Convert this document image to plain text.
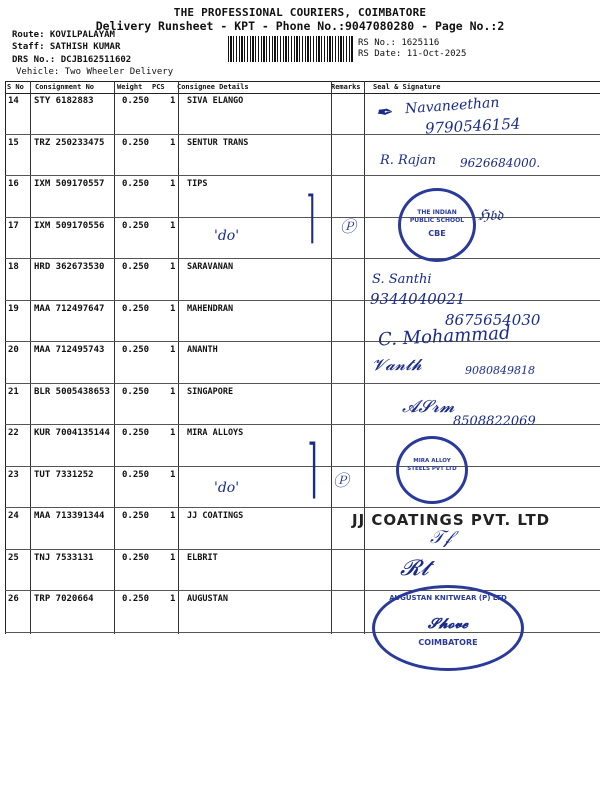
THE PROFESSIONAL COURIERS, COIMBATORE
Delivery Runsheet - KPT - Phone No.:9047080280 - Page No.:2
Route: KOVILPALAYAM
Staff: SATHISH KUMAR
DRS No.: DCJB162511602
Vehicle: Two Wheeler Delivery
RS No.: 1625116
RS Date: 11-Oct-2025
S No Consignment No	Weight PCS Consignee Details	Remarks Seal & Signature
14 STY 6182883	0.250 1 SIVA ELANGO
15 TRZ 250233475 0.250 1 SENTUR TRANS
16 IXM 509170557 0.250 1 TIPS
17 IXM 509170556 0.250 1
18 HRD 362673530 0.250 1 SARAVANAN
19 MAA 712497647 0.250 1 MAHENDRAN
20 MAA 712495743 0.250 1 ANANTH
21 BLR 5005438653 0.250 1 SINGAPORE
22 KUR 7004135144 0.250 1 MIRA ALLOYS
23 TUT 7331252	0.250 1
24 MAA 713391344 0.250 1 JJ COATINGS
25 TNJ 7533131	0.250 1 ELBRIT
26 TRP 7020664	0.250 1 AUGUSTAN
✒ Navaneethan
9790546154
R. Rajan 9626684000.
THE INDIAN PUBLIC SCHOOL
CBE
ℌ𝔟𝔡
⌉ Ⓟ
'do'
S. Santhi
9344040021
8675654030
C. Mohammad
𝓥𝓪𝓷𝓽𝓱	9080849818
𝓐𝓢𝓻𝓶
8508822069
MIRA ALLOY STEELS PVT LTD
⌉ Ⓟ
'do'
JJ COATINGS PVT. LTD
𝒯𝒻
𝓡𝓽
AUGUSTAN KNITWEAR (P) LTD
𝓢𝓱𝓸𝓿𝓮
COIMBATORE
